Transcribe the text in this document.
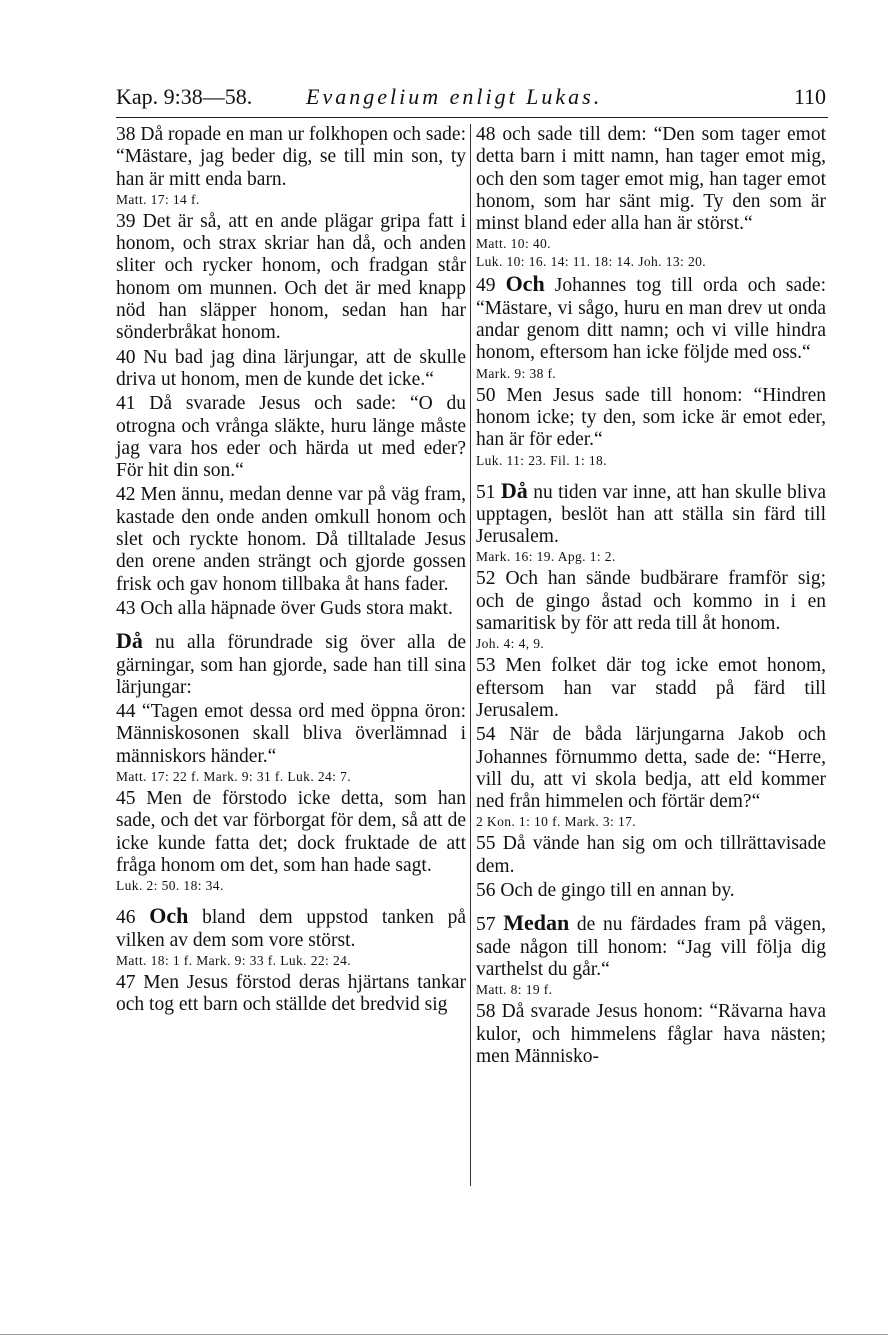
Kap. 9:38—58. Evangelium enligt Lukas.	110

38 Då ropade en man ur folkhopen och sade: “Mästare, jag beder dig, se till min son, ty han är mitt enda barn.
Matt. 17: 14 f.

39 Det är så, att en ande plägar gripa fatt i honom, och strax skriar han då, och anden sliter och rycker honom, och fradgan står honom om munnen. Och det är med knapp nöd han släpper honom, sedan han har sönderbråkat honom.

40 Nu bad jag dina lärjungar, att de skulle driva ut honom, men de kunde det icke.“

41 Då svarade Jesus och sade: “O du otrogna och vrånga släkte, huru länge måste jag vara hos eder och härda ut med eder? För hit din son.“

42 Men ännu, medan denne var på väg fram, kastade den onde anden omkull honom och slet och ryckte honom. Då tilltalade Jesus den orene anden strängt och gjorde gossen frisk och gav honom tillbaka åt hans fader.

43 Och alla häpnade över Guds stora makt.

Då nu alla förundrade sig över alla de gärningar, som han gjorde, sade han till sina lärjungar:

44 “Tagen emot dessa ord med öppna öron: Människosonen skall bliva överlämnad i människors händer.“
Matt. 17: 22 f. Mark. 9: 31 f. Luk. 24: 7.

45 Men de förstodo icke detta, som han sade, och det var förborgat för dem, så att de icke kunde fatta det; dock fruktade de att fråga honom om det, som han hade sagt.
Luk. 2: 50. 18: 34.

46 Och bland dem uppstod tanken på vilken av dem som vore störst.
Matt. 18: 1 f. Mark. 9: 33 f. Luk. 22: 24.

47 Men Jesus förstod deras hjärtans tankar och tog ett barn och ställde det bredvid sig

48 och sade till dem: “Den som tager emot detta barn i mitt namn, han tager emot mig, och den som tager emot mig, han tager emot honom, som har sänt mig. Ty den som är minst bland eder alla han är störst.“
Matt. 10: 40.
Luk. 10: 16. 14: 11. 18: 14. Joh. 13: 20.

49 Och Johannes tog till orda och sade: “Mästare, vi sågo, huru en man drev ut onda andar genom ditt namn; och vi ville hindra honom, eftersom han icke följde med oss.“
Mark. 9: 38 f.

50 Men Jesus sade till honom: “Hindren honom icke; ty den, som icke är emot eder, han är för eder.“
Luk. 11: 23. Fil. 1: 18.

51 Då nu tiden var inne, att han skulle bliva upptagen, beslöt han att ställa sin färd till Jerusalem.
Mark. 16: 19. Apg. 1: 2.

52 Och han sände budbärare framför sig; och de gingo åstad och kommo in i en samaritisk by för att reda till åt honom.
Joh. 4: 4, 9.

53 Men folket där tog icke emot honom, eftersom han var stadd på färd till Jerusalem.

54 När de båda lärjungarna Jakob och Johannes förnummo detta, sade de: “Herre, vill du, att vi skola bedja, att eld kommer ned från himmelen och förtär dem?“
2 Kon. 1: 10 f. Mark. 3: 17.

55 Då vände han sig om och tillrättavisade dem.

56 Och de gingo till en annan by.

57 Medan de nu färdades fram på vägen, sade någon till honom: “Jag vill följa dig varthelst du går.“
Matt. 8: 19 f.

58 Då svarade Jesus honom: “Rävarna hava kulor, och himmelens fåglar hava nästen; men Människo-
